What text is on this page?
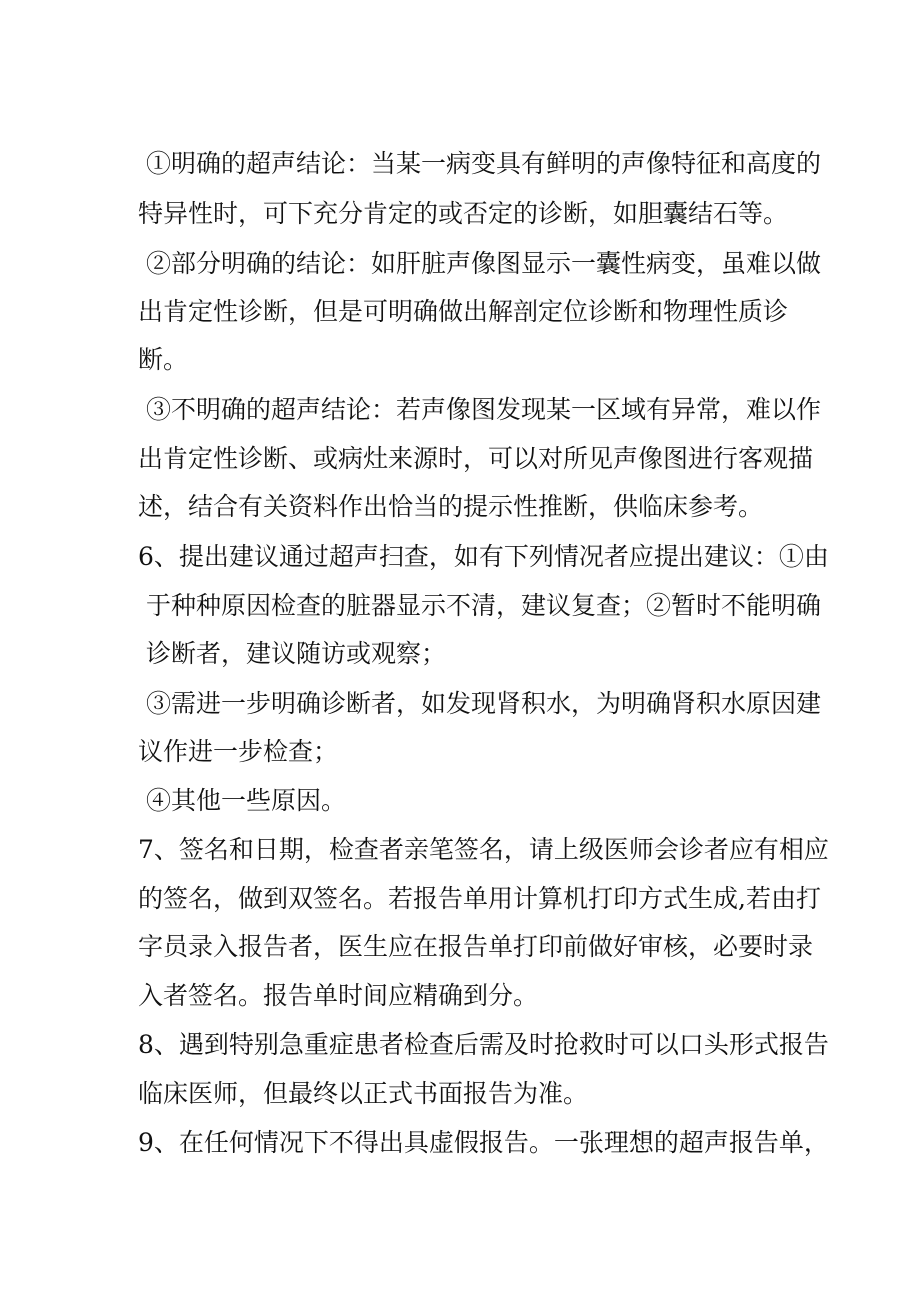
①明确的超声结论：当某一病变具有鲜明的声像特征和高度的
特异性时，可下充分肯定的或否定的诊断，如胆囊结石等。
②部分明确的结论：如肝脏声像图显示一囊性病变，虽难以做
出肯定性诊断，但是可明确做出解剖定位诊断和物理性质诊
断。
③不明确的超声结论：若声像图发现某一区域有异常，难以作
出肯定性诊断、或病灶来源时，可以对所见声像图进行客观描
述，结合有关资料作出恰当的提示性推断，供临床参考。
6、提出建议通过超声扫查，如有下列情况者应提出建议：①由
于种种原因检查的脏器显示不清，建议复查；②暂时不能明确
诊断者，建议随访或观察；
③需进一步明确诊断者，如发现肾积水，为明确肾积水原因建
议作进一步检查；
④其他一些原因。
7、签名和日期，检查者亲笔签名，请上级医师会诊者应有相应
的签名，做到双签名。若报告单用计算机打印方式生成,若由打
字员录入报告者，医生应在报告单打印前做好审核，必要时录
入者签名。报告单时间应精确到分。
8、遇到特别急重症患者检查后需及时抢救时可以口头形式报告
临床医师，但最终以正式书面报告为准。
9、在任何情况下不得出具虚假报告。一张理想的超声报告单，
